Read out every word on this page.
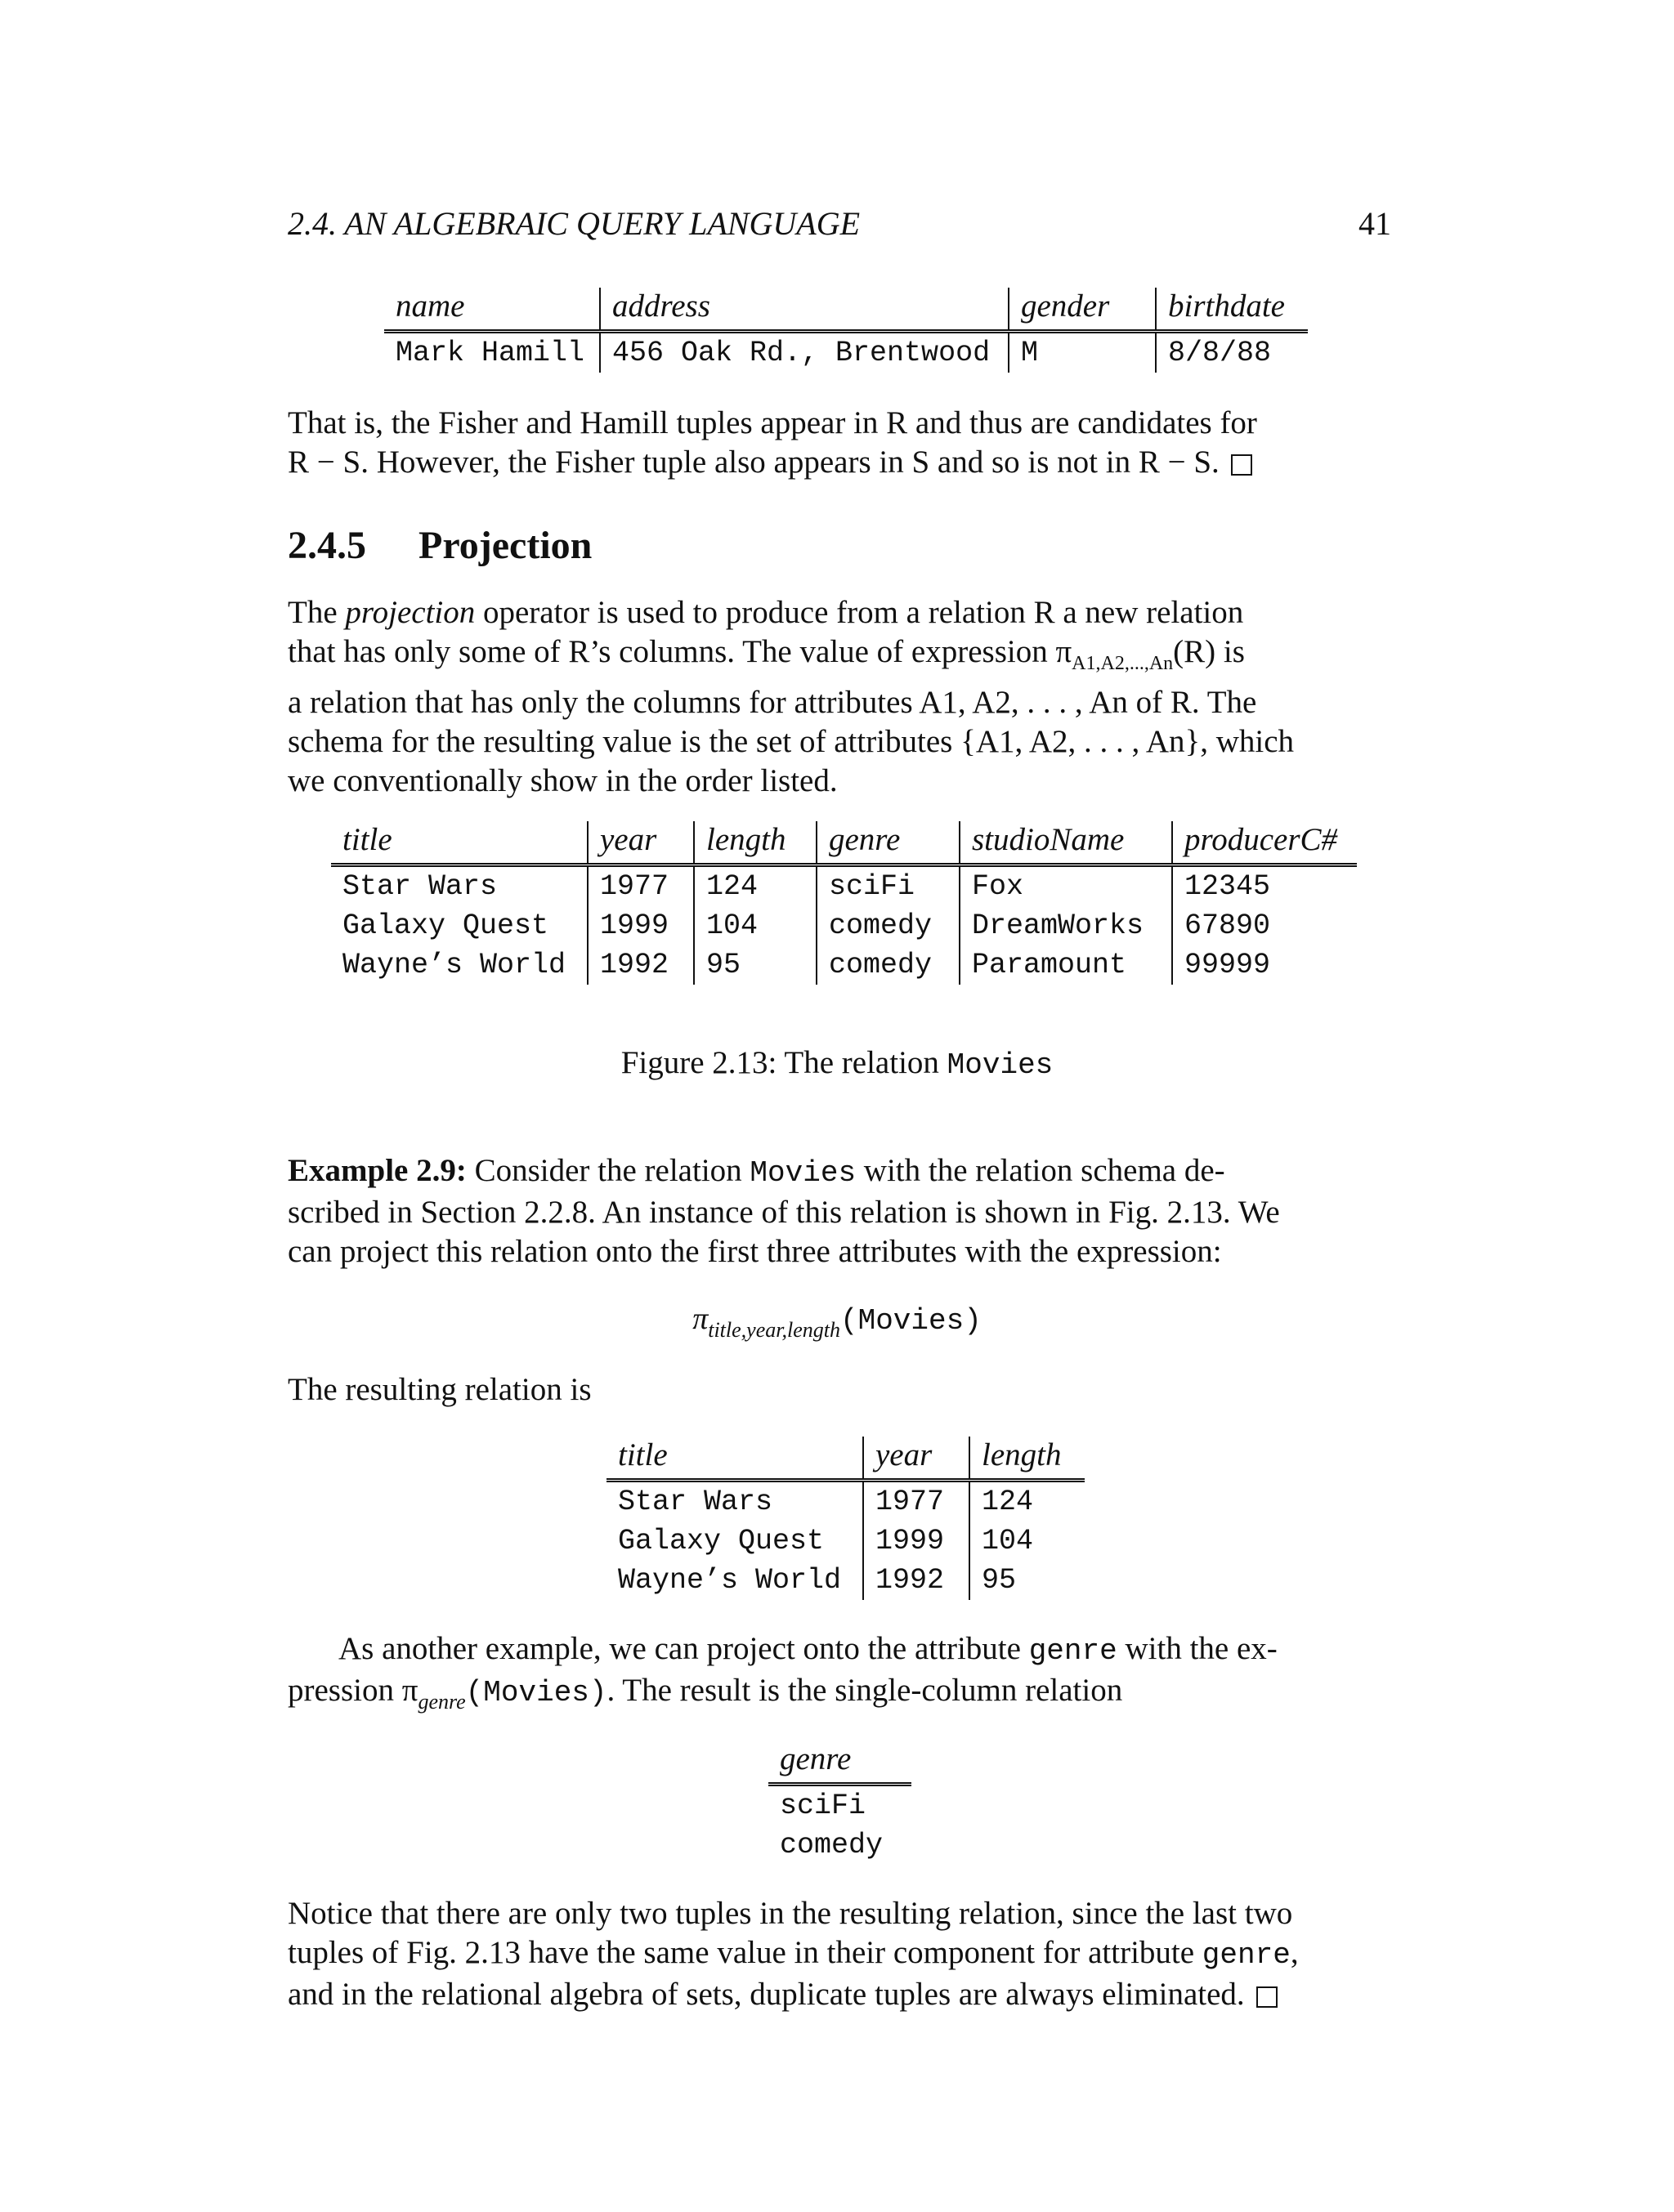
2.4. AN ALGEBRAIC QUERY LANGUAGE	41
name	address	gender	birthdate
Mark Hamill	456 Oak Rd., Brentwood	M	8/8/88
That is, the Fisher and Hamill tuples appear in R and thus are candidates for
R − S. However, the Fisher tuple also appears in S and so is not in R − S.
2.4.5 Projection
The projection operator is used to produce from a relation R a new relation
that has only some of R’s columns. The value of expression $\pi_{A1,A2,...,An}(R)$ is
a relation that has only the columns for attributes A1, A2, . . . , An of R. The
schema for the resulting value is the set of attributes {A1, A2, . . . , An}, which
we conventionally show in the order listed.
title	year	length	genre	studioName	producerC#
Star Wars	1977	124	sciFi	Fox	12345
Galaxy Quest	1999	104	comedy	DreamWorks	67890
Wayne’s World	1992	95	comedy	Paramount	99999
Figure 2.13: The relation Movies
Example 2.9: Consider the relation Movies with the relation schema de-
scribed in Section 2.2.8. An instance of this relation is shown in Fig. 2.13. We
can project this relation onto the first three attributes with the expression:
$\pi_{title,year,length}(Movies)$
The resulting relation is
title	year	length
Star Wars	1977	124
Galaxy Quest	1999	104
Wayne’s World	1992	95
As another example, we can project onto the attribute genre with the ex-
pression $\pi_{genre}(Movies)$. The result is the single-column relation
genre
sciFi
comedy
Notice that there are only two tuples in the resulting relation, since the last two
tuples of Fig. 2.13 have the same value in their component for attribute genre,
and in the relational algebra of sets, duplicate tuples are always eliminated.
